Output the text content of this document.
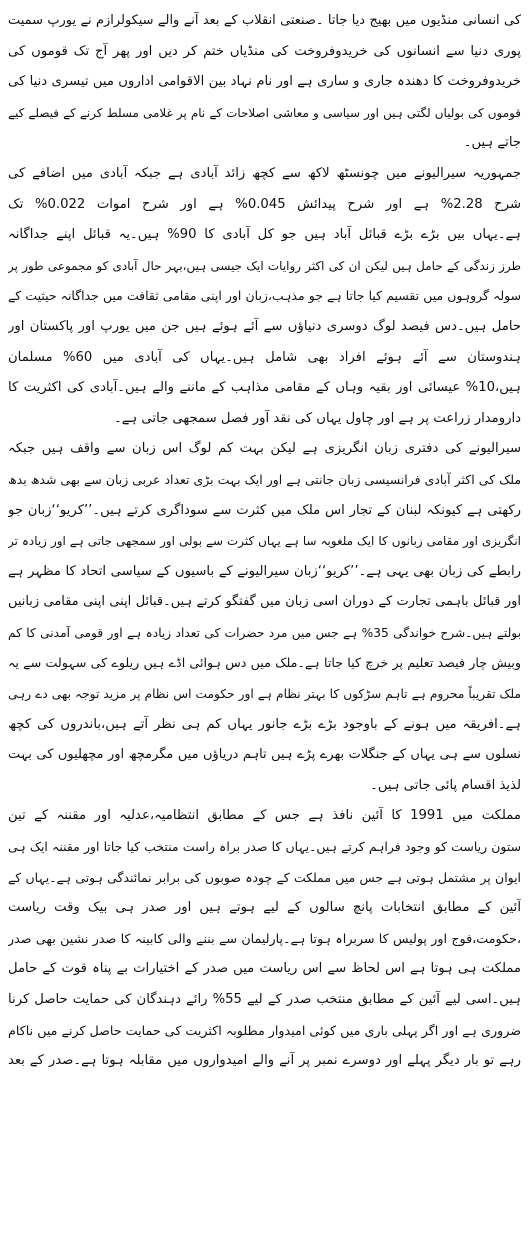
کی انسانی منڈیوں میں بھیج دیا جاتا ۔صنعتی انقلاب کے بعد آنے والے سیکولرازم نے یورپ سمیت
پوری دنیا سے انسانوں کی خریدوفروخت کی منڈیاں ختم کر دیں اور پھر آج تک قوموں کی
خریدوفروخت کا دھندہ جاری و ساری ہے اور نام نہاد بین الاقوامی اداروں میں تیسری دنیا کی
قوموں کی بولیاں لگتی ہیں اور سیاسی و معاشی اصلاحات کے نام پر غلامی مسلط کرنے کے فیصلے کیے
جاتے ہیں۔
جمہوریہ سیرالیونے میں چونسٹھ لاکھ سے کچھ زائد آبادی ہے جبکہ آبادی میں اضافے کی
شرح 2.28% ہے اور شرح پیدائش 0.045% ہے اور شرح اموات 0.022% تک
ہے۔یہاں بیں بڑے بڑے قبائل آباد ہیں جو کل آبادی کا 90% ہیں۔یہ قبائل اپنے جداگانہ
طرز زندگی کے حامل ہیں لیکن ان کی اکثر روایات ایک جیسی ہیں،بہر حال آبادی کو مجموعی طور پر
سولہ گروہوں میں تقسیم کیا جاتا ہے جو مذہب،زبان اور اپنی مقامی ثقافت میں جداگانہ حیثیت کے
حامل ہیں۔دس فیصد لوگ دوسری دنیاؤں سے آئے ہوئے ہیں جن میں یورپ اور پاکستان اور
ہندوستان سے آئے ہوئے افراد بھی شامل ہیں۔یہاں کی آبادی میں 60% مسلمان
ہیں،10% عیسائی اور بقیہ وہاں کے مقامی مذاہب کے ماننے والے ہیں۔آبادی کی اکثریت کا
دارومدار زراعت پر ہے اور چاول یہاں کی نقد آور فصل سمجھی جاتی ہے۔
سیرالیونے کی دفتری زبان انگریزی ہے لیکن بہت کم لوگ اس زبان سے واقف ہیں جبکہ
ملک کی اکثر آبادی فرانسیسی زبان جانتی ہے اور ایک بہت بڑی تعداد عربی زبان سے بھی شدھ بدھ
رکھتی ہے کیونکہ لبنان کے تجار اس ملک میں کثرت سے سوداگری کرتے ہیں۔’’کریو‘‘زبان جو
انگریزی اور مقامی زبانوں کا ایک ملغوبہ سا ہے یہاں کثرت سے بولی اور سمجھی جاتی ہے اور زیادہ تر
رابطے کی زبان بھی یہی ہے۔’’کریو‘‘زبان سیرالیونے کے باسیوں کے سیاسی اتحاد کا مظہر ہے
اور قبائل باہمی تجارت کے دوران اسی زبان میں گفتگو کرتے ہیں۔قبائل اپنی اپنی مقامی زبانیں
بولتے ہیں۔شرح خواندگی 35% ہے جس میں مرد حضرات کی تعداد زیادہ ہے اور قومی آمدنی کا کم
وبیش چار فیصد تعلیم پر خرچ کیا جاتا ہے۔ملک میں دس ہوائی اڈے ہیں ریلوے کی سہولت سے یہ
ملک تقریباً محروم ہے تاہم سڑکوں کا بہتر نظام ہے اور حکومت اس نظام پر مزید توجہ بھی دے رہی
ہے۔افریقہ میں ہونے کے باوجود بڑے بڑے جانور یہاں کم ہی نظر آتے ہیں،باندروں کی کچھ
نسلوں سے ہی یہاں کے جنگلات بھرے پڑے ہیں تاہم دریاؤں میں مگرمچھ اور مچھلیوں کی بہت
لذیذ اقسام پائی جاتی ہیں۔
مملکت میں 1991 کا آئین نافذ ہے جس کے مطابق انتظامیہ،عدلیہ اور مقننہ کے تین
ستون ریاست کو وجود فراہم کرتے ہیں۔یہاں کا صدر براہ راست منتخب کیا جاتا اور مقننہ ایک ہی
ایوان پر مشتمل ہوتی ہے جس میں مملکت کے چودہ صوبوں کی برابر نمائندگی ہوتی ہے۔یہاں کے
آئین کے مطابق انتخابات پانچ سالوں کے لیے ہوتے ہیں اور صدر ہی بیک وقت ریاست
،حکومت،فوج اور پولیس کا سربراہ ہوتا ہے۔پارلیمان سے بننے والی کابینہ کا صدر نشین بھی صدر
مملکت ہی ہوتا ہے اس لحاظ سے اس ریاست میں صدر کے اختیارات بے پناہ قوت کے حامل
ہیں۔اسی لیے آئین کے مطابق منتخب صدر کے لیے 55% رائے دہندگان کی حمایت حاصل کرنا
ضروری ہے اور اگر پہلی باری میں کوئی امیدوار مطلوبہ اکثریت کی حمایت حاصل کرنے میں ناکام
رہے تو بار دیگر پہلے اور دوسرے نمبر پر آنے والے امیدواروں میں مقابلہ ہوتا ہے۔صدر کے بعد
